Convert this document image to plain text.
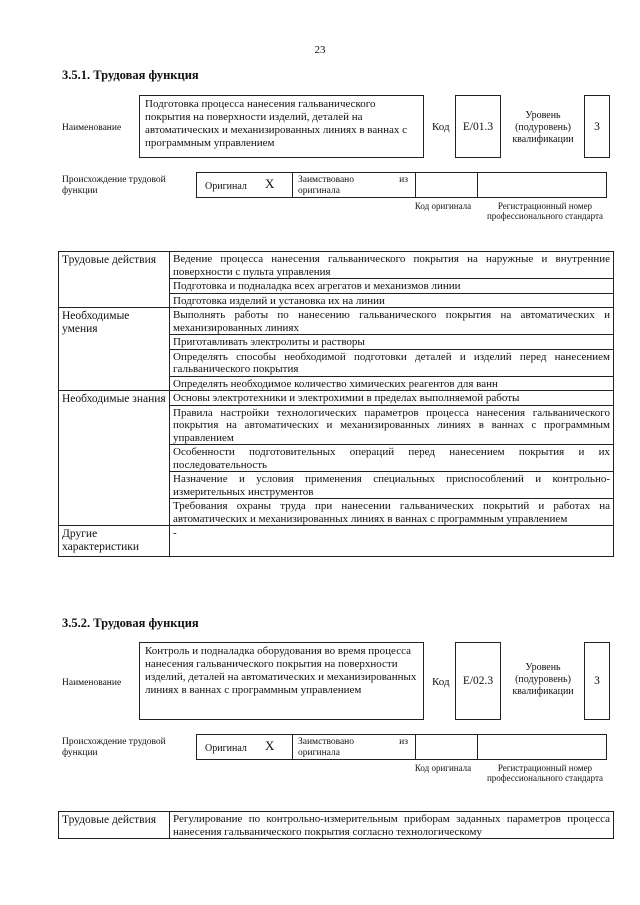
23
3.5.1. Трудовая функция
Наименование
Подготовка процесса нанесения гальванического покрытия на поверхности изделий, деталей на автоматических и механизированных линиях в ваннах с программным управлением
Код E/01.3
Уровень (подуровень) квалификации
3
Происхождение трудовой функции	Оригинал X Заимствовано из оригинала
Код оригинала	Регистрационный номер профессионального стандарта
Трудовые действия	Ведение процесса нанесения гальванического покрытия на наружные и внутренние поверхности с пульта управления
	Подготовка и подналадка всех агрегатов и механизмов линии
	Подготовка изделий и установка их на линии
Необходимые умения	Выполнять работы по нанесению гальванического покрытия на автоматических и механизированных линиях
	Приготавливать электролиты и растворы
	Определять способы необходимой подготовки деталей и изделий перед нанесением гальванического покрытия
	Определять необходимое количество химических реагентов для ванн
Необходимые знания	Основы электротехники и электрохимии в пределах выполняемой работы
	Правила настройки технологических параметров процесса нанесения гальванического покрытия на автоматических и механизированных линиях в ваннах с программным управлением
	Особенности подготовительных операций перед нанесением покрытия и их последовательность
	Назначение и условия применения специальных приспособлений и контрольно-измерительных инструментов
	Требования охраны труда при нанесении гальванических покрытий и работах на автоматических и механизированных линиях в ваннах с программным управлением
Другие характеристики	-
3.5.2. Трудовая функция
Наименование
Контроль и подналадка оборудования во время процесса нанесения гальванического покрытия на поверхности изделий, деталей на автоматических и механизированных линиях в ваннах с программным управлением
Код E/02.3
Уровень (подуровень) квалификации
3
Происхождение трудовой функции	Оригинал X Заимствовано из оригинала
Код оригинала	Регистрационный номер профессионального стандарта
Трудовые действия	Регулирование по контрольно-измерительным приборам заданных параметров процесса нанесения гальванического покрытия согласно технологическому
